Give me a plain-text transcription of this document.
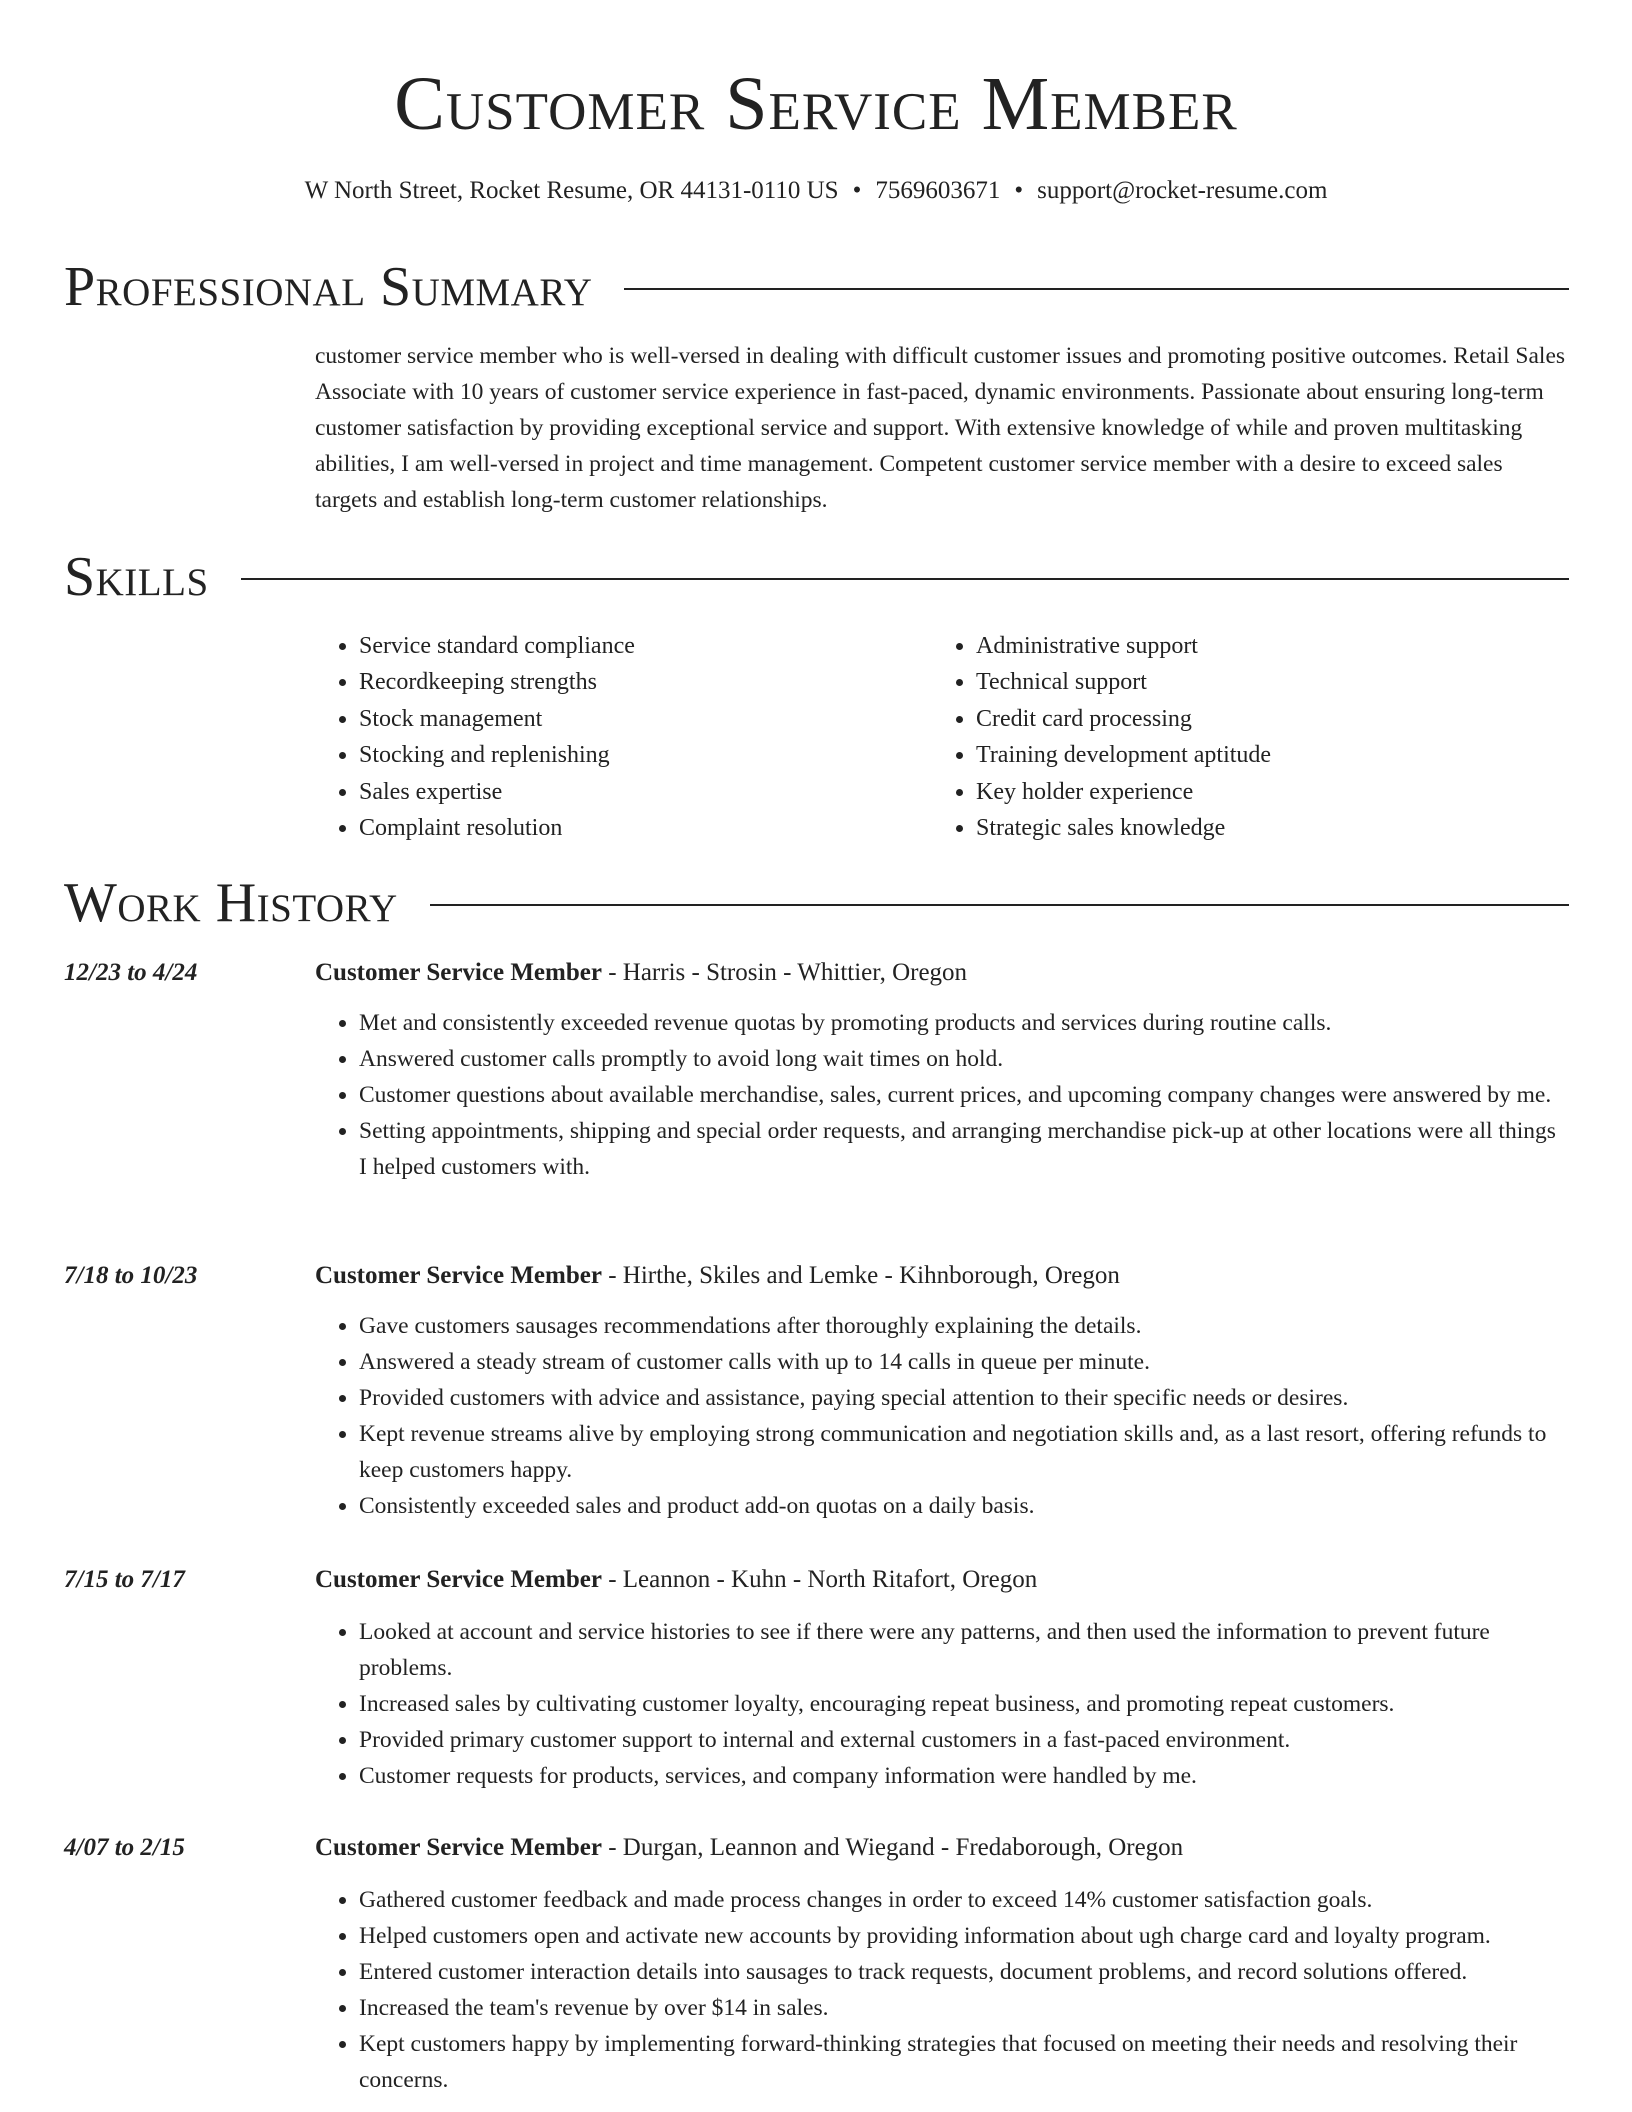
Customer Service Member
W North Street, Rocket Resume, OR 44131-0110 US • 7569603671 • support@rocket-resume.com
Professional Summary

customer service member who is well-versed in dealing with difficult customer issues and promoting positive outcomes. Retail Sales Associate with 10 years of customer service experience in fast-paced, dynamic environments. Passionate about ensuring long-term customer satisfaction by providing exceptional service and support. With extensive knowledge of while and proven multitasking abilities, I am well-versed in project and time management. Competent customer service member with a desire to exceed sales targets and establish long-term customer relationships.

Skills
• Service standard compliance
• Recordkeeping strengths
• Stock management
• Stocking and replenishing
• Sales expertise
• Complaint resolution
• Administrative support
• Technical support
• Credit card processing
• Training development aptitude
• Key holder experience
• Strategic sales knowledge
Work History
12/23 to 4/24	Customer Service Member - Harris - Strosin - Whittier, Oregon
• Met and consistently exceeded revenue quotas by promoting products and services during routine calls.
• Answered customer calls promptly to avoid long wait times on hold.
• Customer questions about available merchandise, sales, current prices, and upcoming company changes were answered by me.
• Setting appointments, shipping and special order requests, and arranging merchandise pick-up at other locations were all things I helped customers with.
7/18 to 10/23	Customer Service Member - Hirthe, Skiles and Lemke - Kihnborough, Oregon
• Gave customers sausages recommendations after thoroughly explaining the details.
• Answered a steady stream of customer calls with up to 14 calls in queue per minute.
• Provided customers with advice and assistance, paying special attention to their specific needs or desires.
• Kept revenue streams alive by employing strong communication and negotiation skills and, as a last resort, offering refunds to keep customers happy.
• Consistently exceeded sales and product add-on quotas on a daily basis.
7/15 to 7/17	Customer Service Member - Leannon - Kuhn - North Ritafort, Oregon
• Looked at account and service histories to see if there were any patterns, and then used the information to prevent future problems.
• Increased sales by cultivating customer loyalty, encouraging repeat business, and promoting repeat customers.
• Provided primary customer support to internal and external customers in a fast-paced environment.
• Customer requests for products, services, and company information were handled by me.
4/07 to 2/15	Customer Service Member - Durgan, Leannon and Wiegand - Fredaborough, Oregon
• Gathered customer feedback and made process changes in order to exceed 14% customer satisfaction goals.
• Helped customers open and activate new accounts by providing information about ugh charge card and loyalty program.
• Entered customer interaction details into sausages to track requests, document problems, and record solutions offered.
• Increased the team's revenue by over $14 in sales.
• Kept customers happy by implementing forward-thinking strategies that focused on meeting their needs and resolving their concerns.
